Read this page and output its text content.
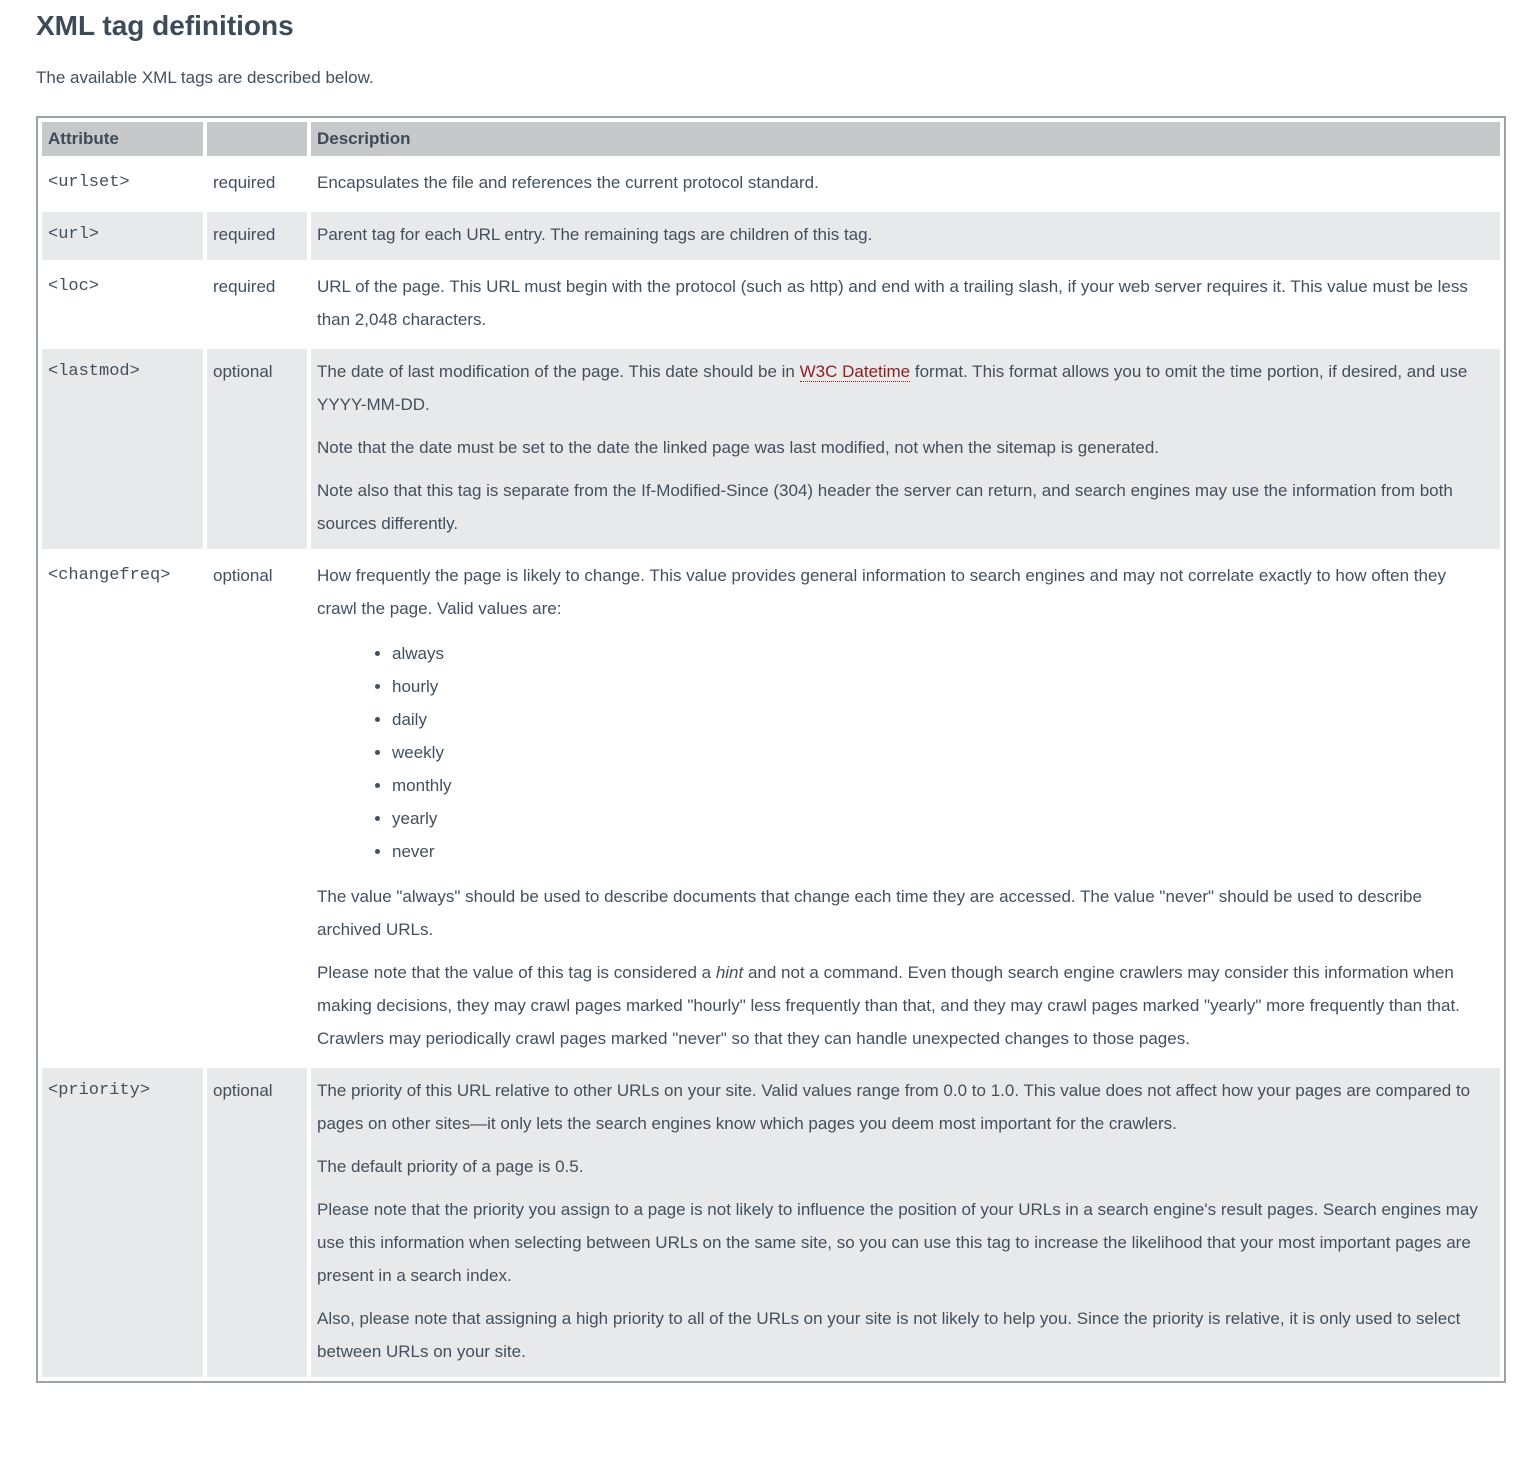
XML tag definitions

The available XML tags are described below.

Attribute		Description
<urlset>	required	Encapsulates the file and references the current protocol standard.

<url>	required	Parent tag for each URL entry. The remaining tags are children of this tag.

<loc>	required	URL of the page. This URL must begin with the protocol (such as http) and end with a trailing slash, if your web server requires it. This value must be less than 2,048 characters.

<lastmod>	optional	The date of last modification of the page. This date should be in W3C Datetime format. This format allows you to omit the time portion, if desired, and use YYYY-MM-DD.

Note that the date must be set to the date the linked page was last modified, not when the sitemap is generated.

Note also that this tag is separate from the If-Modified-Since (304) header the server can return, and search engines may use the information from both sources differently.

<changefreq>	optional	How frequently the page is likely to change. This value provides general information to search engines and may not correlate exactly to how often they crawl the page. Valid values are:

• always
• hourly
• daily
• weekly
• monthly
• yearly
• never

The value "always" should be used to describe documents that change each time they are accessed. The value "never" should be used to describe archived URLs.

Please note that the value of this tag is considered a hint and not a command. Even though search engine crawlers may consider this information when making decisions, they may crawl pages marked "hourly" less frequently than that, and they may crawl pages marked "yearly" more frequently than that. Crawlers may periodically crawl pages marked "never" so that they can handle unexpected changes to those pages.

<priority>	optional	The priority of this URL relative to other URLs on your site. Valid values range from 0.0 to 1.0. This value does not affect how your pages are compared to pages on other sites—it only lets the search engines know which pages you deem most important for the crawlers.

The default priority of a page is 0.5.

Please note that the priority you assign to a page is not likely to influence the position of your URLs in a search engine's result pages. Search engines may use this information when selecting between URLs on the same site, so you can use this tag to increase the likelihood that your most important pages are present in a search index.

Also, please note that assigning a high priority to all of the URLs on your site is not likely to help you. Since the priority is relative, it is only used to select between URLs on your site.
